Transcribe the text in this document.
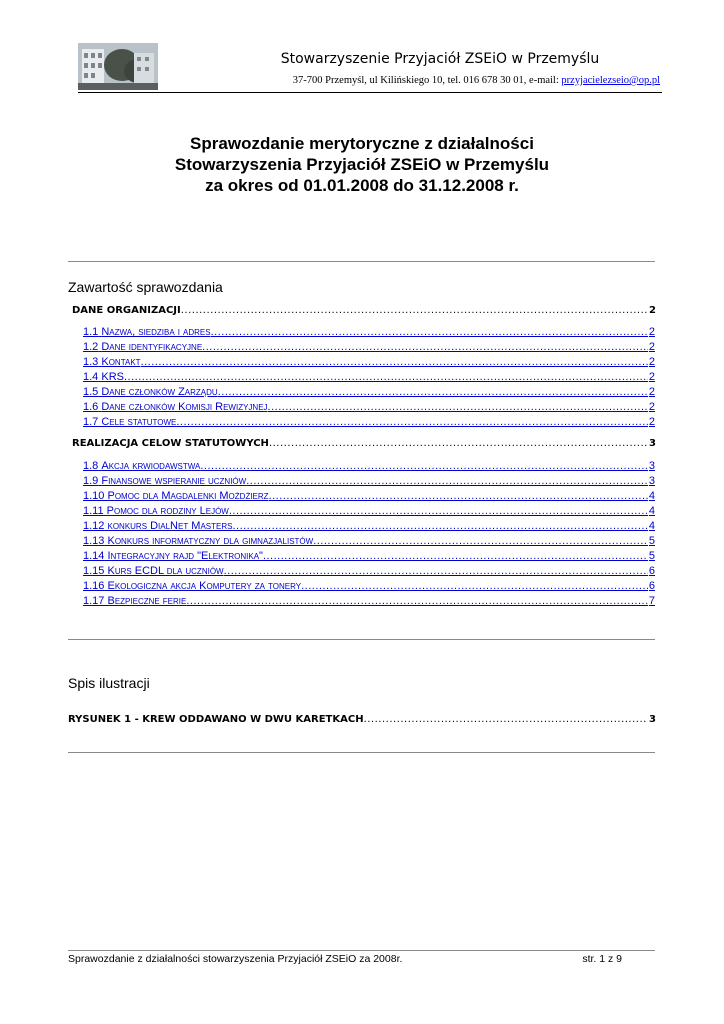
Stowarzyszenie Przyjaciół ZSEiO w Przemyślu
37-700 Przemyśl, ul Kilińskiego 10, tel. 016 678 30 01, e-mail: przyjacielezseio@op.pl
Sprawozdanie merytoryczne z działalności
Stowarzyszenia Przyjaciół ZSEiO w Przemyślu
za okres od 01.01.2008 do 31.12.2008 r.
Zawartość sprawozdania
DANE ORGANIZACJI .....	2
1.1 Nazwa, siedziba i adres .....	2
1.2 Dane identyfikacyjne .....	2
1.3 Kontakt .....	2
1.4 KRS .....	2
1.5 Dane członków Zarządu .....	2
1.6 Dane członków Komisji Rewizyjnej .....	2
1.7 Cele statutowe .....	2
REALIZACJA CELÓW STATUTOWYCH .....	3
1.8 Akcja krwiodawstwa .....	3
1.9 Finansowe wspieranie uczniów .....	3
1.10 Pomoc dla Magdalenki Możdżierz .....	4
1.11 Pomoc dla rodziny Lejów .....	4
1.12 konkurs DialNet Masters .....	4
1.13 Konkurs informatyczny dla gimnazjalistów .....	5
1.14 Integracyjny rajd "Elektronika" .....	5
1.15 Kurs ECDL dla uczniów .....	6
1.16 Ekologiczna akcja Komputery za tonery .....	6
1.17 Bezpieczne ferie .....	7
Spis ilustracji
RYSUNEK 1 - KREW ODDAWANO W DWU KARETKACH .....	3
Sprawozdanie z działalności stowarzyszenia Przyjaciół ZSEiO za 2008r.	str. 1 z 9
